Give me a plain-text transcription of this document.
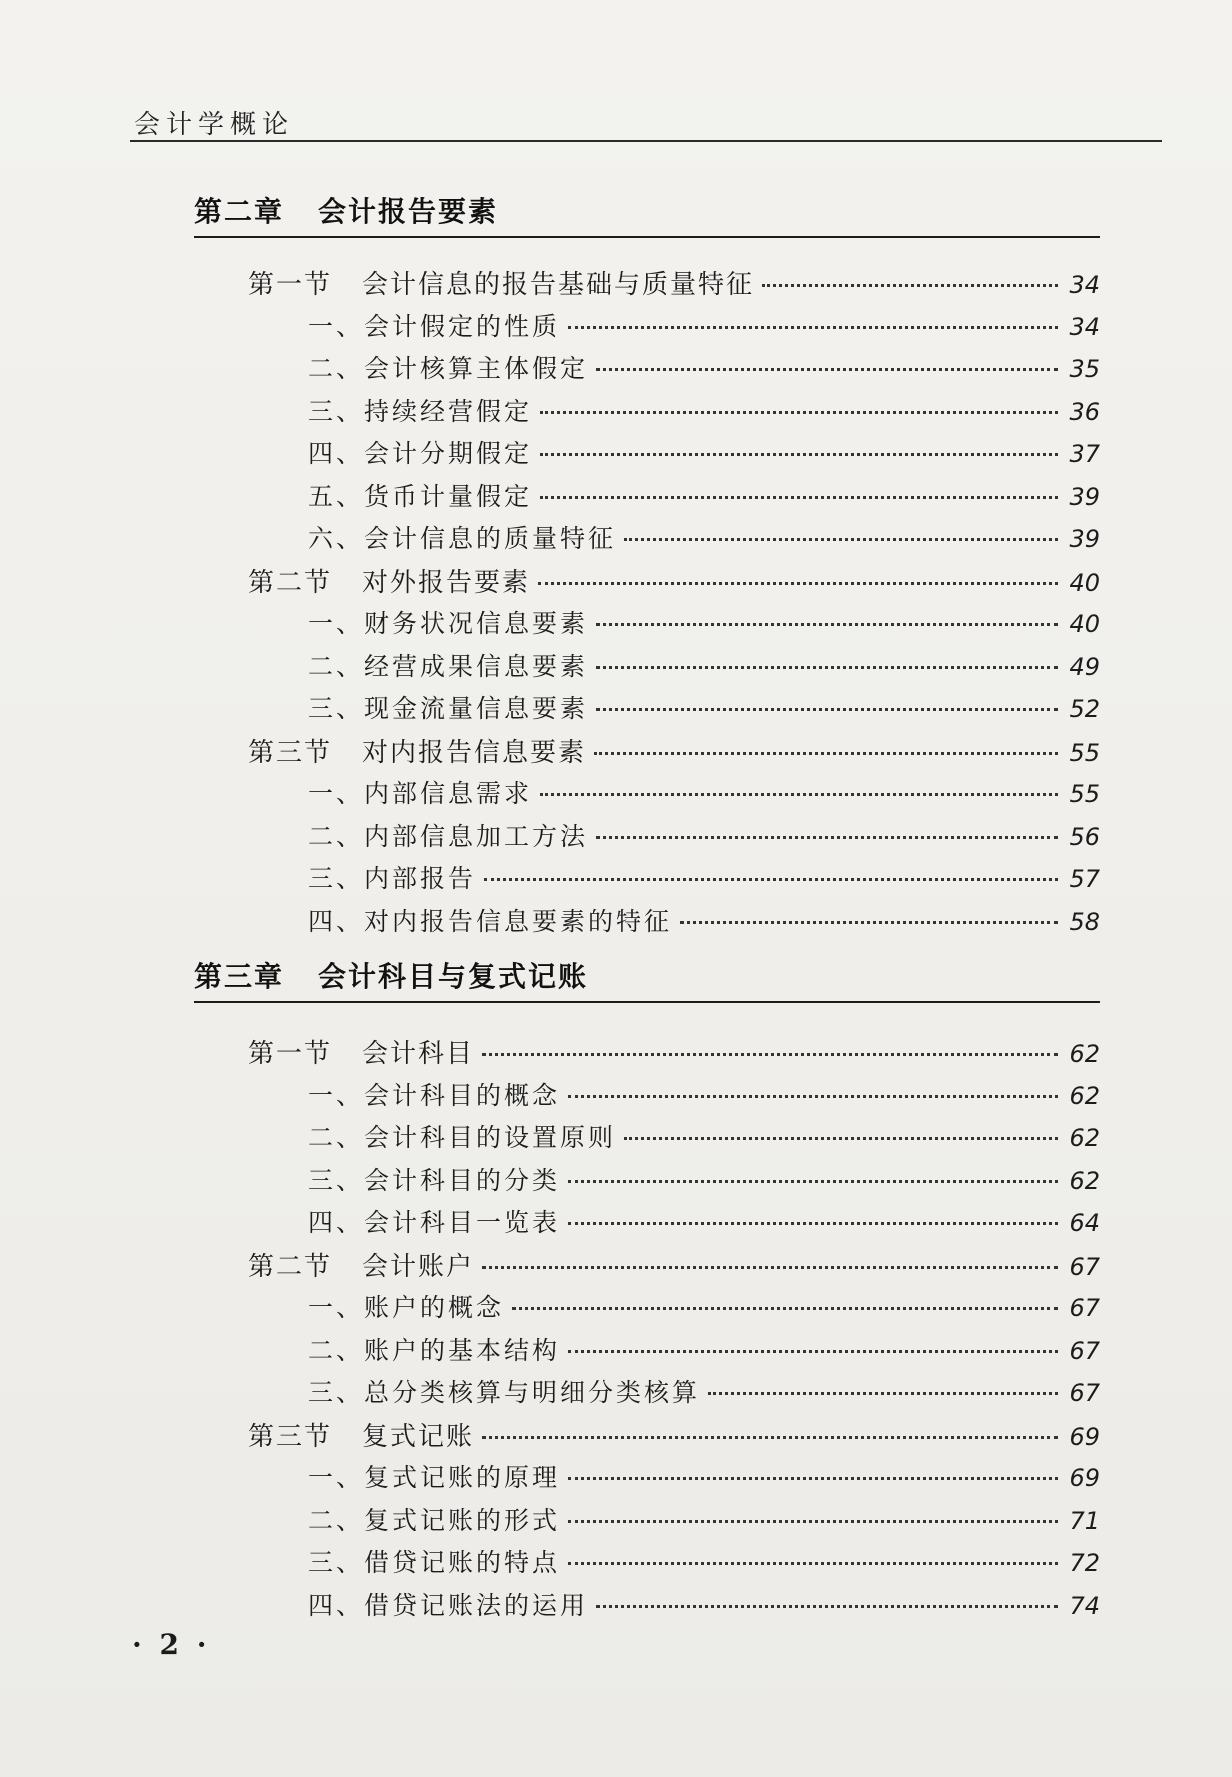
会计学概论
第二章 会计报告要素
第一节 会计信息的报告基础与质量特征	34
一、会计假定的性质	34
二、会计核算主体假定	35
三、持续经营假定	36
四、会计分期假定	37
五、货币计量假定	39
六、会计信息的质量特征	39
第二节 对外报告要素	40
一、财务状况信息要素	40
二、经营成果信息要素	49
三、现金流量信息要素	52
第三节 对内报告信息要素	55
一、内部信息需求	55
二、内部信息加工方法	56
三、内部报告	57
四、对内报告信息要素的特征	58
第三章 会计科目与复式记账
第一节 会计科目	62
一、会计科目的概念	62
二、会计科目的设置原则	62
三、会计科目的分类	62
四、会计科目一览表	64
第二节 会计账户	67
一、账户的概念	67
二、账户的基本结构	67
三、总分类核算与明细分类核算	67
第三节 复式记账	69
一、复式记账的原理	69
二、复式记账的形式	71
三、借贷记账的特点	72
四、借贷记账法的运用	74
· 2 ·
